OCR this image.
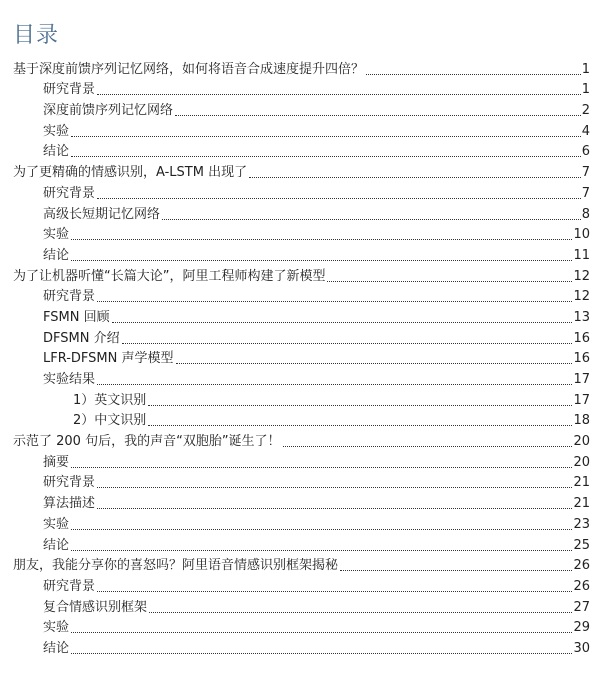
目录
基于深度前馈序列记忆网络，如何将语音合成速度提升四倍？	1
研究背景	1
深度前馈序列记忆网络	2
实验	4
结论	6
为了更精确的情感识别，A-LSTM 出现了	7
研究背景	7
高级长短期记忆网络	8
实验	10
结论	11
为了让机器听懂“长篇大论”，阿里工程师构建了新模型	12
研究背景	12
FSMN 回顾	13
DFSMN 介绍	16
LFR-DFSMN 声学模型	16
实验结果	17
1）英文识别	17
2）中文识别	18
示范了 200 句后，我的声音“双胞胎”诞生了！	20
摘要	20
研究背景	21
算法描述	21
实验	23
结论	25
朋友，我能分享你的喜怒吗？阿里语音情感识别框架揭秘	26
研究背景	26
复合情感识别框架	27
实验	29
结论	30
